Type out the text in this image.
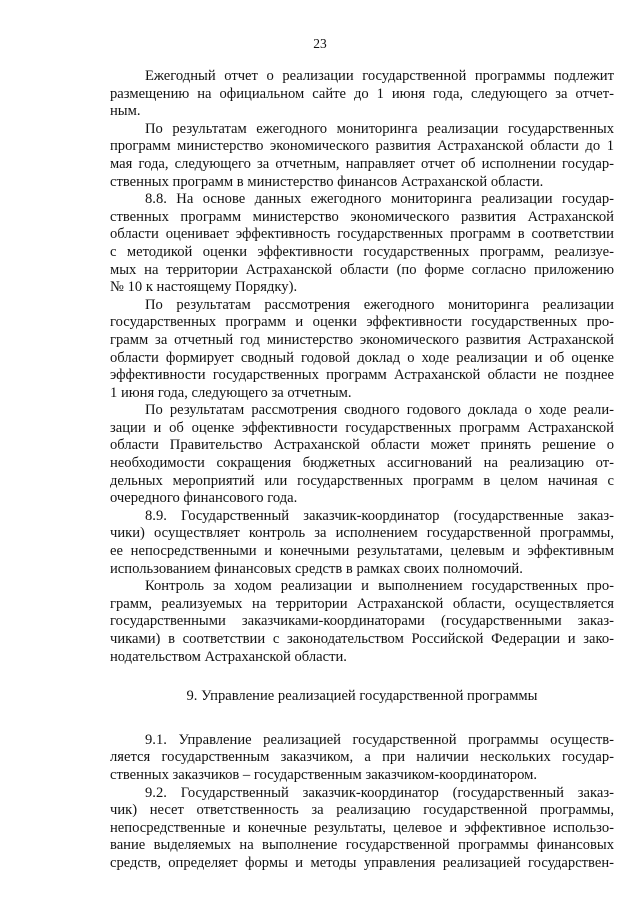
23
Ежегодный отчет о реализации государственной программы подлежит
размещению на официальном сайте до 1 июня года, следующего за отчет-
ным.
По результатам ежегодного мониторинга реализации государственных
программ министерство экономического развития Астраханской области до 1
мая года, следующего за отчетным, направляет отчет об исполнении государ-
ственных программ в министерство финансов Астраханской области.
8.8. На основе данных ежегодного мониторинга реализации государ-
ственных программ министерство экономического развития Астраханской
области оценивает эффективность государственных программ в соответствии
с методикой оценки эффективности государственных программ, реализуе-
мых на территории Астраханской области (по форме согласно приложению
№ 10 к настоящему Порядку).
По результатам рассмотрения ежегодного мониторинга реализации
государственных программ и оценки эффективности государственных про-
грамм за отчетный год министерство экономического развития Астраханской
области формирует сводный годовой доклад о ходе реализации и об оценке
эффективности государственных программ Астраханской области не позднее
1 июня года, следующего за отчетным.
По результатам рассмотрения сводного годового доклада о ходе реали-
зации и об оценке эффективности государственных программ Астраханской
области Правительство Астраханской области может принять решение о
необходимости сокращения бюджетных ассигнований на реализацию от-
дельных мероприятий или государственных программ в целом начиная с
очередного финансового года.
8.9. Государственный заказчик-координатор (государственные заказ-
чики) осуществляет контроль за исполнением государственной программы,
ее непосредственными и конечными результатами, целевым и эффективным
использованием финансовых средств в рамках своих полномочий.
Контроль за ходом реализации и выполнением государственных про-
грамм, реализуемых на территории Астраханской области, осуществляется
государственными заказчиками-координаторами (государственными заказ-
чиками) в соответствии с законодательством Российской Федерации и зако-
нодательством Астраханской области.
9. Управление реализацией государственной программы
9.1. Управление реализацией государственной программы осуществ-
ляется государственным заказчиком, а при наличии нескольких государ-
ственных заказчиков – государственным заказчиком-координатором.
9.2. Государственный заказчик-координатор (государственный заказ-
чик) несет ответственность за реализацию государственной программы,
непосредственные и конечные результаты, целевое и эффективное использо-
вание выделяемых на выполнение государственной программы финансовых
средств, определяет формы и методы управления реализацией государствен-
